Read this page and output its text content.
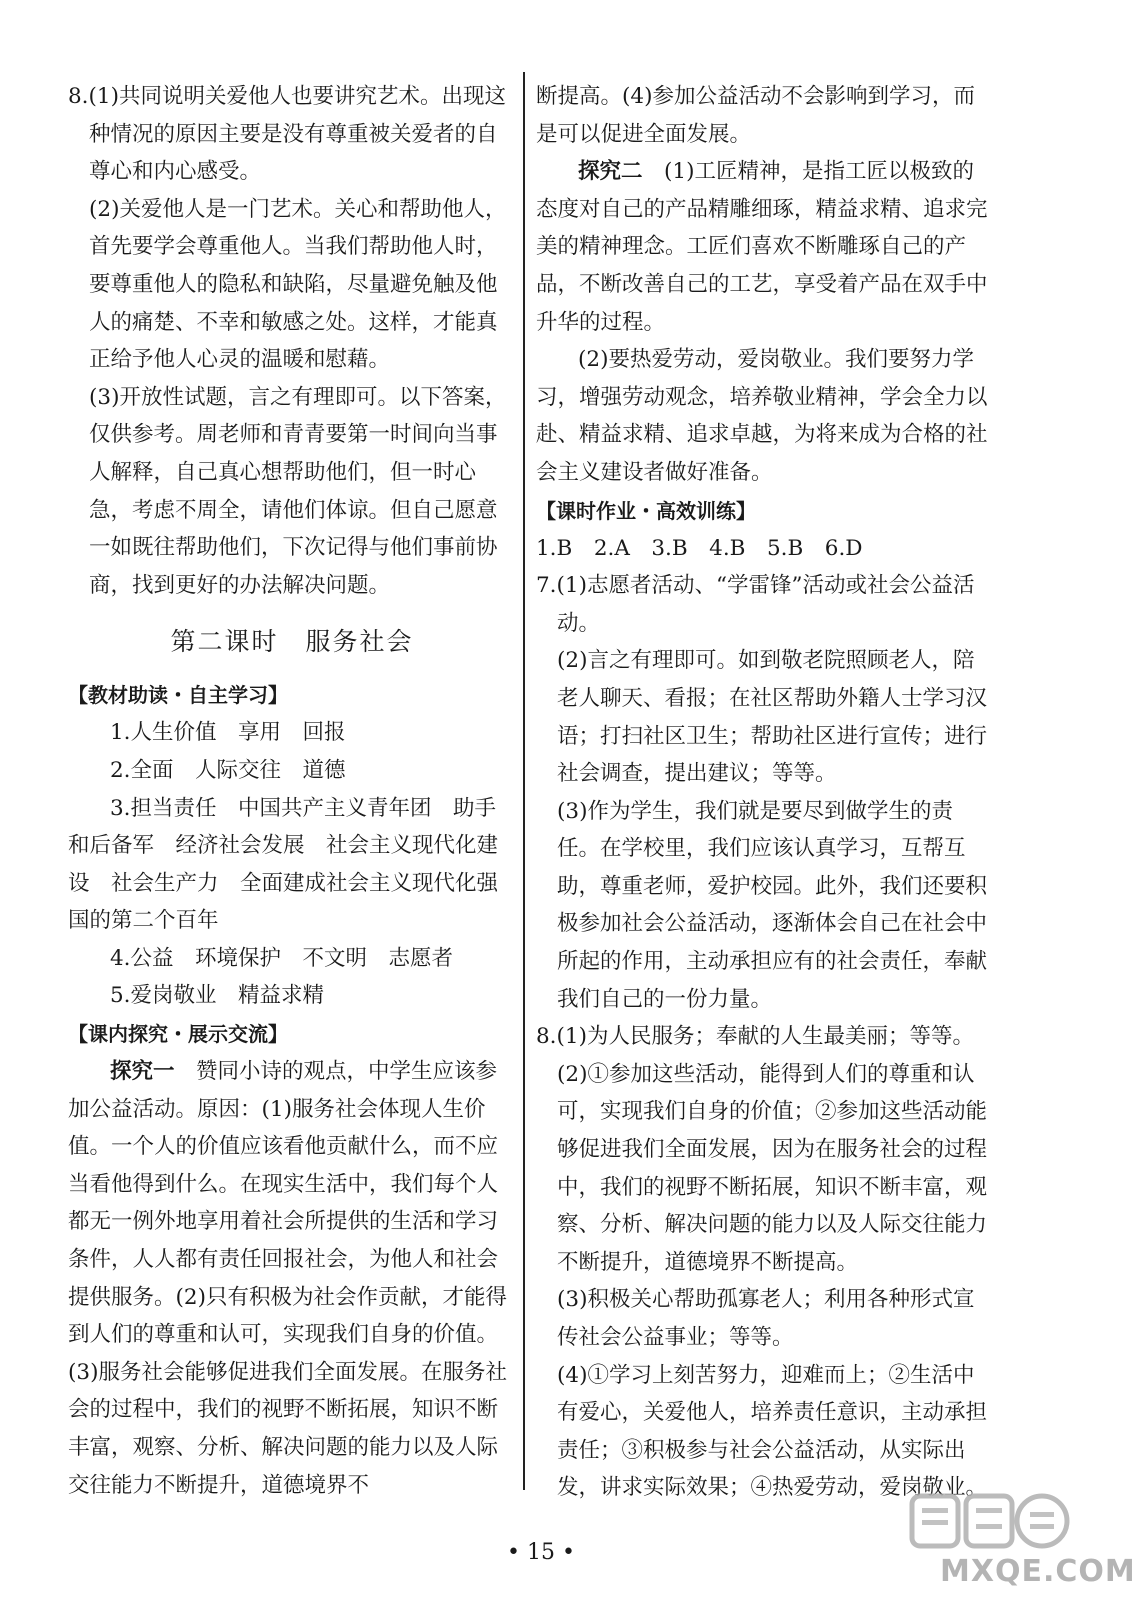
8.(1)共同说明关爱他人也要讲究艺术。出现这种情况的原因主要是没有尊重被关爱者的自尊心和内心感受。

(2)关爱他人是一门艺术。关心和帮助他人，首先要学会尊重他人。当我们帮助他人时，要尊重他人的隐私和缺陷，尽量避免触及他人的痛楚、不幸和敏感之处。这样，才能真正给予他人心灵的温暖和慰藉。

(3)开放性试题，言之有理即可。以下答案，仅供参考。周老师和青青要第一时间向当事人解释，自己真心想帮助他们，但一时心急，考虑不周全，请他们体谅。但自己愿意一如既往帮助他们，下次记得与他们事前协商，找到更好的办法解决问题。

第二课时　服务社会
【教材助读・自主学习】

1.人生价值　享用　回报

2.全面　人际交往　道德

3.担当责任　中国共产主义青年团　助手和后备军　经济社会发展　社会主义现代化建设　社会生产力　全面建成社会主义现代化强国的第二个百年

4.公益　环境保护　不文明　志愿者

5.爱岗敬业　精益求精

【课内探究・展示交流】

探究一　赞同小诗的观点，中学生应该参加公益活动。原因：(1)服务社会体现人生价值。一个人的价值应该看他贡献什么，而不应当看他得到什么。在现实生活中，我们每个人都无一例外地享用着社会所提供的生活和学习条件，人人都有责任回报社会，为他人和社会提供服务。(2)只有积极为社会作贡献，才能得到人们的尊重和认可，实现我们自身的价值。(3)服务社会能够促进我们全面发展。在服务社会的过程中，我们的视野不断拓展，知识不断丰富，观察、分析、解决问题的能力以及人际交往能力不断提升，道德境界不

断提高。(4)参加公益活动不会影响到学习，而是可以促进全面发展。

探究二　(1)工匠精神，是指工匠以极致的态度对自己的产品精雕细琢，精益求精、追求完美的精神理念。工匠们喜欢不断雕琢自己的产品，不断改善自己的工艺，享受着产品在双手中升华的过程。

(2)要热爱劳动，爱岗敬业。我们要努力学习，增强劳动观念，培养敬业精神，学会全力以赴、精益求精、追求卓越，为将来成为合格的社会主义建设者做好准备。

【课时作业・高效训练】

1.B　2.A　3.B　4.B　5.B　6.D

7.(1)志愿者活动、“学雷锋”活动或社会公益活动。

(2)言之有理即可。如到敬老院照顾老人，陪老人聊天、看报；在社区帮助外籍人士学习汉语；打扫社区卫生；帮助社区进行宣传；进行社会调查，提出建议；等等。

(3)作为学生，我们就是要尽到做学生的责任。在学校里，我们应该认真学习，互帮互助，尊重老师，爱护校园。此外，我们还要积极参加社会公益活动，逐渐体会自己在社会中所起的作用，主动承担应有的社会责任，奉献我们自己的一份力量。

8.(1)为人民服务；奉献的人生最美丽；等等。

(2)①参加这些活动，能得到人们的尊重和认可，实现我们自身的价值；②参加这些活动能够促进我们全面发展，因为在服务社会的过程中，我们的视野不断拓展，知识不断丰富，观察、分析、解决问题的能力以及人际交往能力不断提升，道德境界不断提高。

(3)积极关心帮助孤寡老人；利用各种形式宣传社会公益事业；等等。

(4)①学习上刻苦努力，迎难而上；②生活中有爱心，关爱他人，培养责任意识，主动承担责任；③积极参与社会公益活动，从实际出发，讲求实际效果；④热爱劳动，爱岗敬业。

• 15 •
MXQE.COM
